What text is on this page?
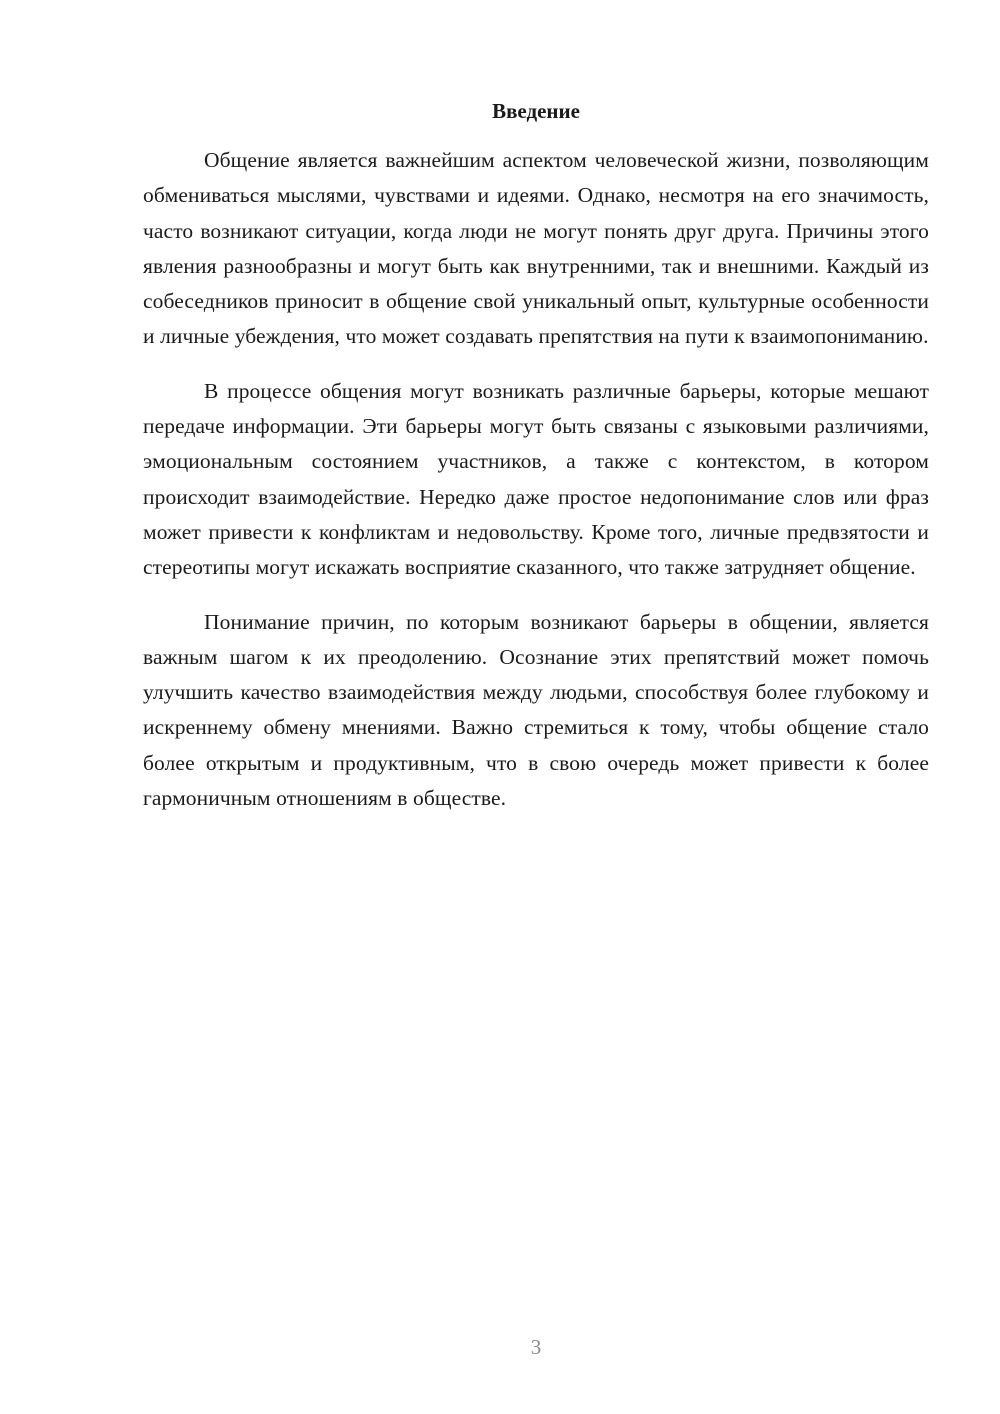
Введение

Общение является важнейшим аспектом человеческой жизни, позволяющим обмениваться мыслями, чувствами и идеями. Однако, несмотря на его значимость, часто возникают ситуации, когда люди не могут понять друг друга. Причины этого явления разнообразны и могут быть как внутренними, так и внешними. Каждый из собеседников приносит в общение свой уникальный опыт, культурные особенности и личные убеждения, что может создавать препятствия на пути к взаимопониманию.

В процессе общения могут возникать различные барьеры, которые мешают передаче информации. Эти барьеры могут быть связаны с языковыми различиями, эмоциональным состоянием участников, а также с контекстом, в котором происходит взаимодействие. Нередко даже простое недопонимание слов или фраз может привести к конфликтам и недовольству. Кроме того, личные предвзятости и стереотипы могут искажать восприятие сказанного, что также затрудняет общение.

Понимание причин, по которым возникают барьеры в общении, является важным шагом к их преодолению. Осознание этих препятствий может помочь улучшить качество взаимодействия между людьми, способствуя более глубокому и искреннему обмену мнениями. Важно стремиться к тому, чтобы общение стало более открытым и продуктивным, что в свою очередь может привести к более гармоничным отношениям в обществе.

3
